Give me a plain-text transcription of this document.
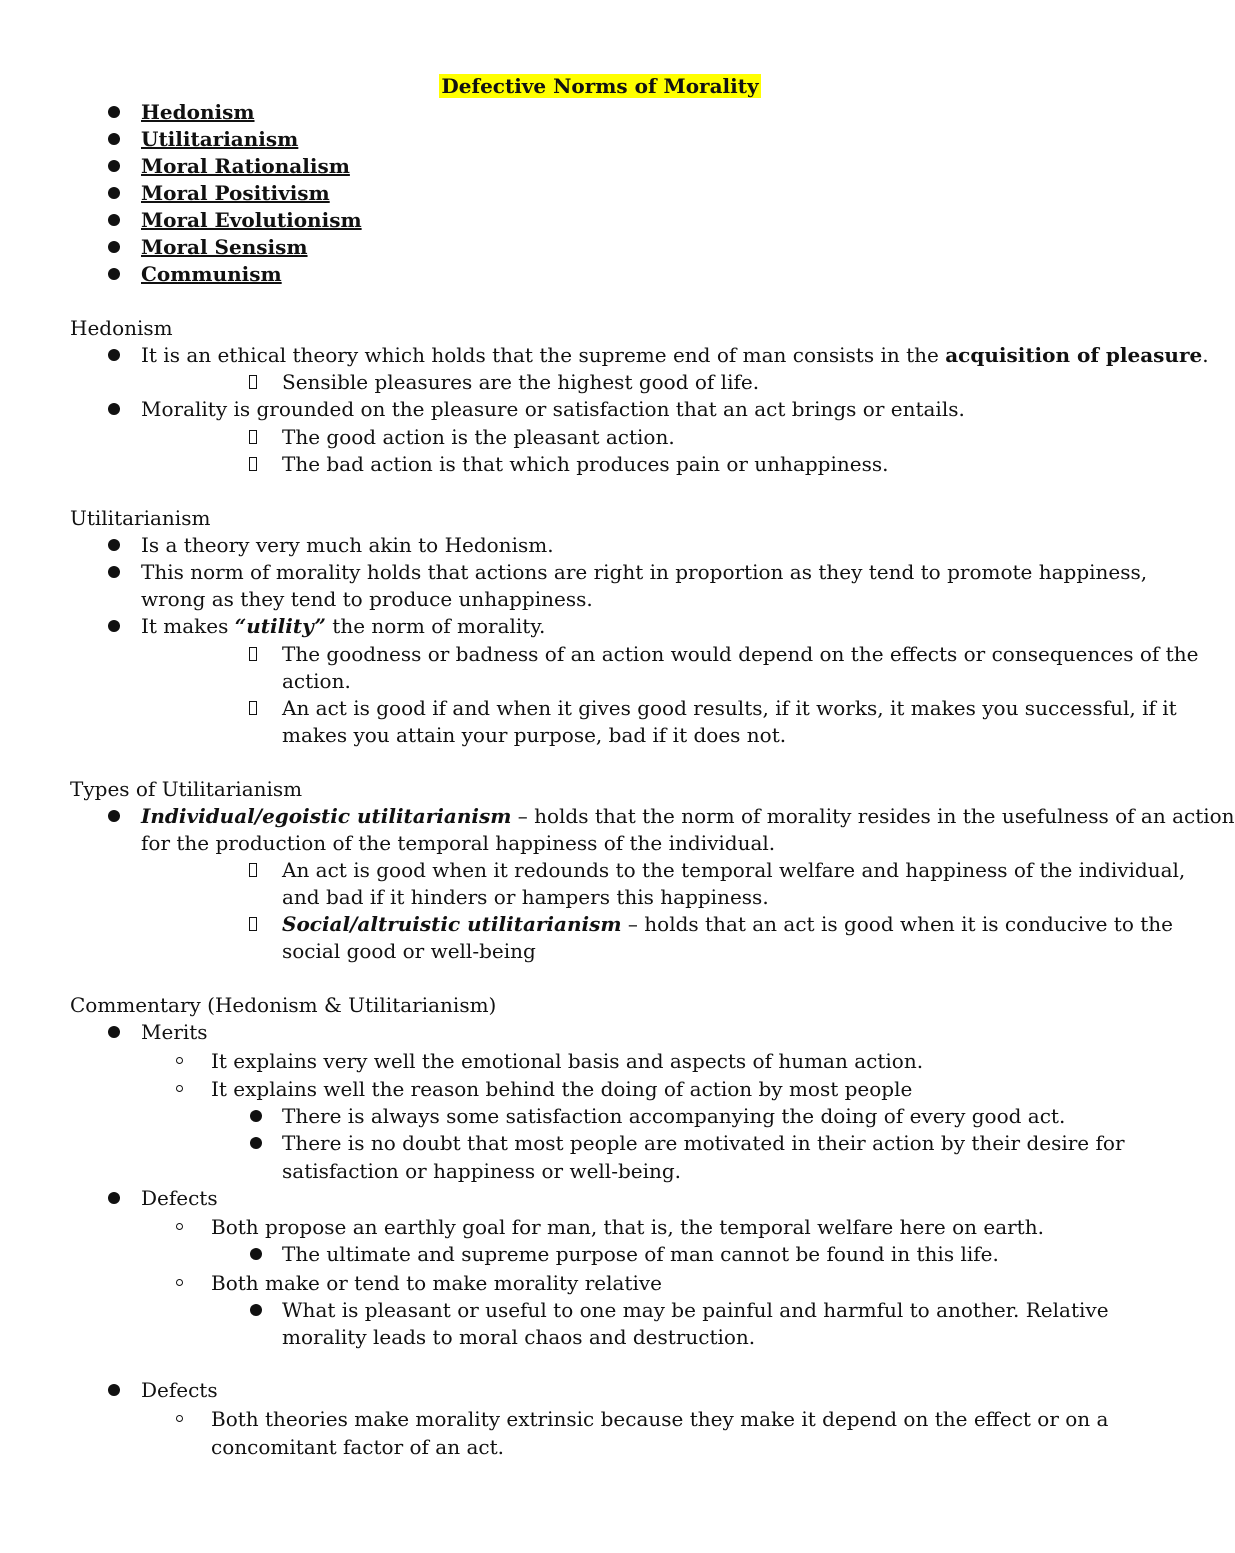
Defective Norms of Morality
Hedonism
Utilitarianism
Moral Rationalism
Moral Positivism
Moral Evolutionism
Moral Sensism
Communism
Hedonism
It is an ethical theory which holds that the supreme end of man consists in the acquisition of pleasure.
Sensible pleasures are the highest good of life.
Morality is grounded on the pleasure or satisfaction that an act brings or entails.
The good action is the pleasant action.
The bad action is that which produces pain or unhappiness.
Utilitarianism
Is a theory very much akin to Hedonism.
This norm of morality holds that actions are right in proportion as they tend to promote happiness,
wrong as they tend to produce unhappiness.
It makes “utility” the norm of morality.
The goodness or badness of an action would depend on the effects or consequences of the
action.
An act is good if and when it gives good results, if it works, it makes you successful, if it
makes you attain your purpose, bad if it does not.
Types of Utilitarianism
Individual/egoistic utilitarianism – holds that the norm of morality resides in the usefulness of an action
for the production of the temporal happiness of the individual.
An act is good when it redounds to the temporal welfare and happiness of the individual,
and bad if it hinders or hampers this happiness.
Social/altruistic utilitarianism – holds that an act is good when it is conducive to the
social good or well-being
Commentary (Hedonism & Utilitarianism)
Merits
It explains very well the emotional basis and aspects of human action.
It explains well the reason behind the doing of action by most people
There is always some satisfaction accompanying the doing of every good act.
There is no doubt that most people are motivated in their action by their desire for
satisfaction or happiness or well-being.
Defects
Both propose an earthly goal for man, that is, the temporal welfare here on earth.
The ultimate and supreme purpose of man cannot be found in this life.
Both make or tend to make morality relative
What is pleasant or useful to one may be painful and harmful to another. Relative
morality leads to moral chaos and destruction.
Defects
Both theories make morality extrinsic because they make it depend on the effect or on a
concomitant factor of an act.
